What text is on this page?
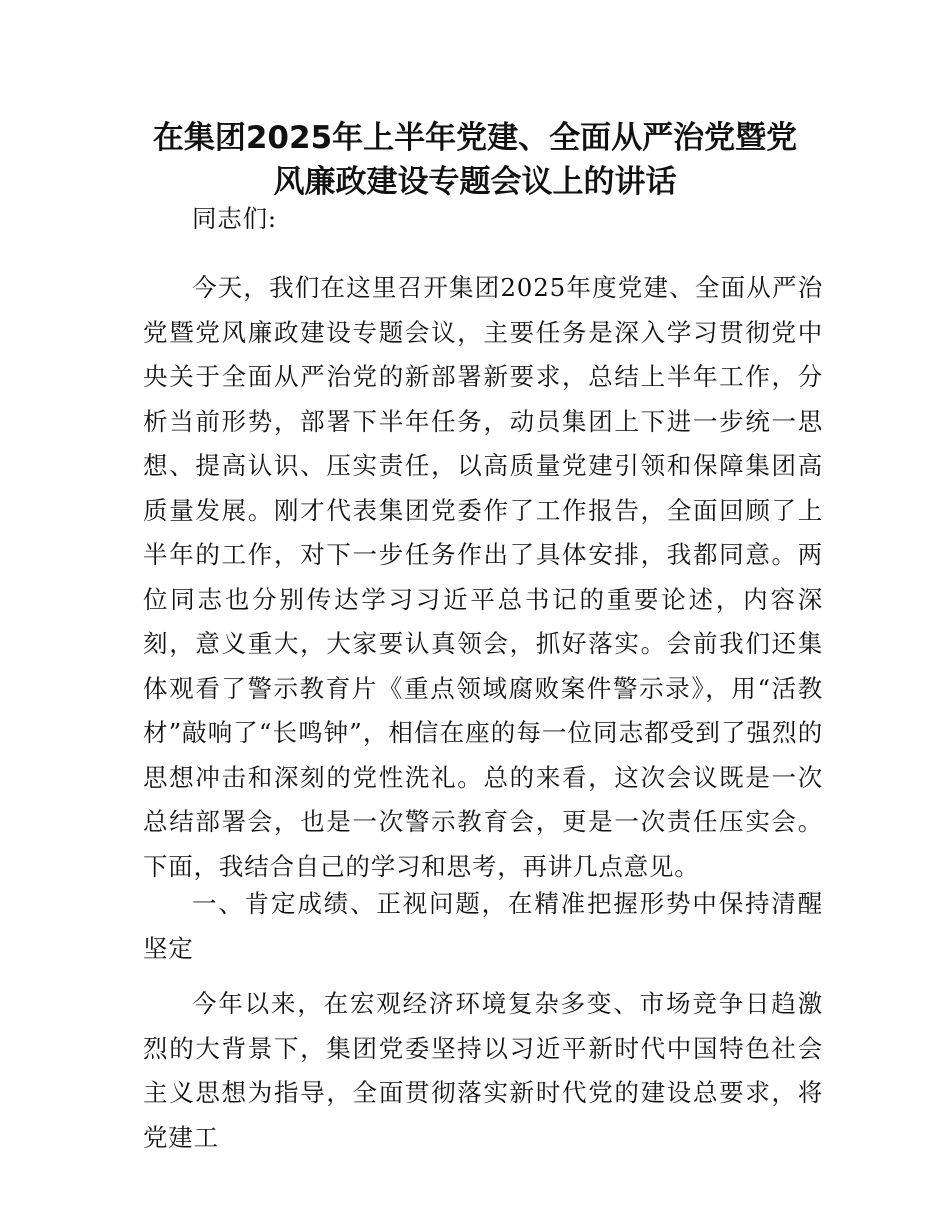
在集团2025年上半年党建、全面从严治党暨党
风廉政建设专题会议上的讲话

同志们:

今天，我们在这里召开集团2025年度党建、全面从严治党暨党风廉政建设专题会议，主要任务是深入学习贯彻党中央关于全面从严治党的新部署新要求，总结上半年工作，分析当前形势，部署下半年任务，动员集团上下进一步统一思想、提高认识、压实责任，以高质量党建引领和保障集团高质量发展。刚才代表集团党委作了工作报告，全面回顾了上半年的工作，对下一步任务作出了具体安排，我都同意。两位同志也分别传达学习习近平总书记的重要论述，内容深刻，意义重大，大家要认真领会，抓好落实。会前我们还集体观看了警示教育片《重点领域腐败案件警示录》，用“活教材”敲响了“长鸣钟”，相信在座的每一位同志都受到了强烈的思想冲击和深刻的党性洗礼。总的来看，这次会议既是一次总结部署会，也是一次警示教育会，更是一次责任压实会。下面，我结合自己的学习和思考，再讲几点意见。

一、肯定成绩、正视问题，在精准把握形势中保持清醒坚定

今年以来，在宏观经济环境复杂多变、市场竞争日趋激烈的大背景下，集团党委坚持以习近平新时代中国特色社会主义思想为指导，全面贯彻落实新时代党的建设总要求，将党建工
